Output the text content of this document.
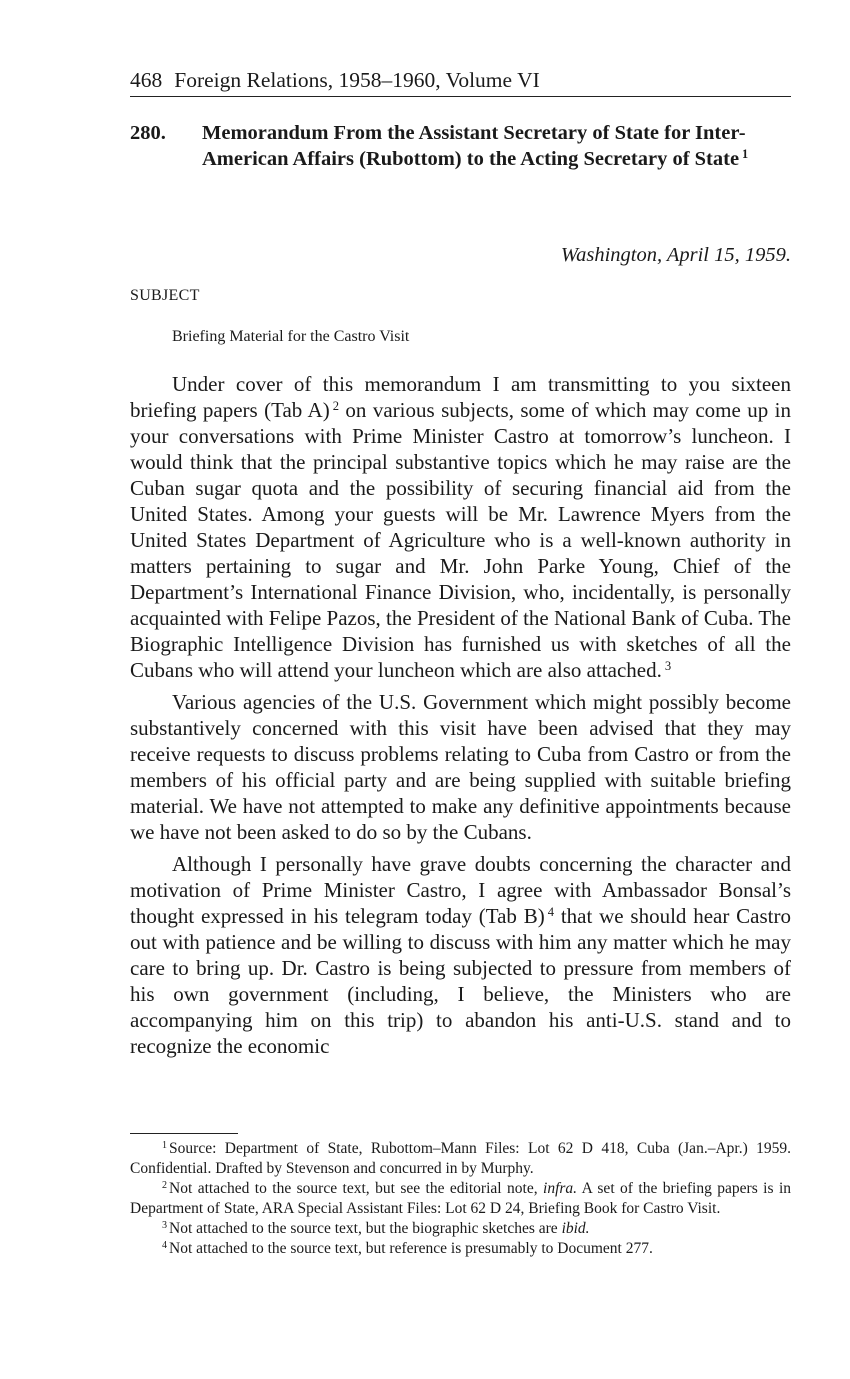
468 Foreign Relations, 1958–1960, Volume VI
280. Memorandum From the Assistant Secretary of State for Inter-American Affairs (Rubottom) to the Acting Secretary of State $^1$
Washington, April 15, 1959.
SUBJECT
Briefing Material for the Castro Visit

Under cover of this memorandum I am transmitting to you sixteen briefing papers (Tab A) $^2$ on various subjects, some of which may come up in your conversations with Prime Minister Castro at tomorrow’s luncheon. I would think that the principal substantive topics which he may raise are the Cuban sugar quota and the possibility of securing financial aid from the United States. Among your guests will be Mr. Lawrence Myers from the United States Department of Agriculture who is a well-known authority in matters pertaining to sugar and Mr. John Parke Young, Chief of the Department’s International Finance Division, who, incidentally, is personally acquainted with Felipe Pazos, the President of the National Bank of Cuba. The Biographic Intelligence Division has furnished us with sketches of all the Cubans who will attend your luncheon which are also attached. $^3$

Various agencies of the U.S. Government which might possibly become substantively concerned with this visit have been advised that they may receive requests to discuss problems relating to Cuba from Castro or from the members of his official party and are being supplied with suitable briefing material. We have not attempted to make any definitive appointments because we have not been asked to do so by the Cubans.

Although I personally have grave doubts concerning the character and motivation of Prime Minister Castro, I agree with Ambassador Bonsal’s thought expressed in his telegram today (Tab B) $^4$ that we should hear Castro out with patience and be willing to discuss with him any matter which he may care to bring up. Dr. Castro is being subjected to pressure from members of his own government (including, I believe, the Ministers who are accompanying him on this trip) to abandon his anti-U.S. stand and to recognize the economic

$^1$ Source: Department of State, Rubottom–Mann Files: Lot 62 D 418, Cuba (Jan.–Apr.) 1959. Confidential. Drafted by Stevenson and concurred in by Murphy.

$^2$ Not attached to the source text, but see the editorial note, infra. A set of the briefing papers is in Department of State, ARA Special Assistant Files: Lot 62 D 24, Briefing Book for Castro Visit.

$^3$ Not attached to the source text, but the biographic sketches are ibid.

$^4$ Not attached to the source text, but reference is presumably to Document 277.
